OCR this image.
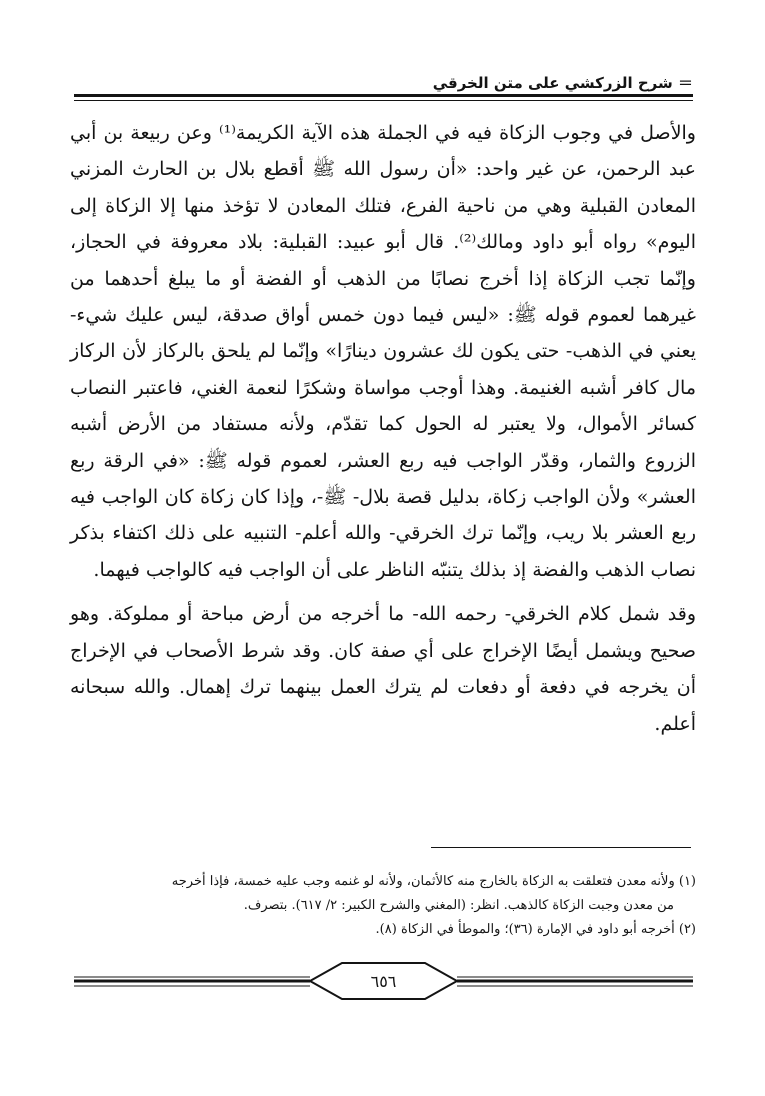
＝ شرح الزركشي على متن الخرقي

والأصل في وجوب الزكاة فيه في الجملة هذه الآية الكريمة⁽¹⁾ وعن ربيعة بن أبي عبد الرحمن، عن غير واحد: «أن رسول الله ﷺ أقطع بلال بن الحارث المزني المعادن القبلية وهي من ناحية الفرع، فتلك المعادن لا تؤخذ منها إلا الزكاة إلى اليوم» رواه أبو داود ومالك⁽²⁾. قال أبو عبيد: القبلية: بلاد معروفة في الحجاز، وإنّما تجب الزكاة إذا أخرج نصابًا من الذهب أو الفضة أو ما يبلغ أحدهما من غيرهما لعموم قوله ﷺ: «ليس فيما دون خمس أواق صدقة، ليس عليك شيء- يعني في الذهب- حتى يكون لك عشرون دينارًا» وإنّما لم يلحق بالركاز لأن الركاز مال كافر أشبه الغنيمة. وهذا أوجب مواساة وشكرًا لنعمة الغني، فاعتبر النصاب كسائر الأموال، ولا يعتبر له الحول كما تقدّم، ولأنه مستفاد من الأرض أشبه الزروع والثمار، وقدّر الواجب فيه ربع العشر، لعموم قوله ﷺ: «في الرقة ربع العشر» ولأن الواجب زكاة، بدليل قصة بلال- ﷺ-، وإذا كان زكاة كان الواجب فيه ربع العشر بلا ريب، وإنّما ترك الخرقي- والله أعلم- التنبيه على ذلك اكتفاء بذكر نصاب الذهب والفضة إذ بذلك يتنبّه الناظر على أن الواجب فيه كالواجب فيهما.

وقد شمل كلام الخرقي- رحمه الله- ما أخرجه من أرض مباحة أو مملوكة. وهو صحيح ويشمل أيضًا الإخراج على أي صفة كان. وقد شرط الأصحاب في الإخراج أن يخرجه في دفعة أو دفعات لم يترك العمل بينهما ترك إهمال. والله سبحانه أعلم.

(١) ولأنه معدن فتعلقت به الزكاة بالخارج منه كالأثمان، ولأنه لو غنمه وجب عليه خمسة، فإذا أخرجه

من معدن وجبت الزكاة كالذهب. انظر: (المغني والشرح الكبير: ٢/ ٦١٧). بتصرف.

(٢) أخرجه أبو داود في الإمارة (٣٦)؛ والموطأ في الزكاة (٨).

٦٥٦
